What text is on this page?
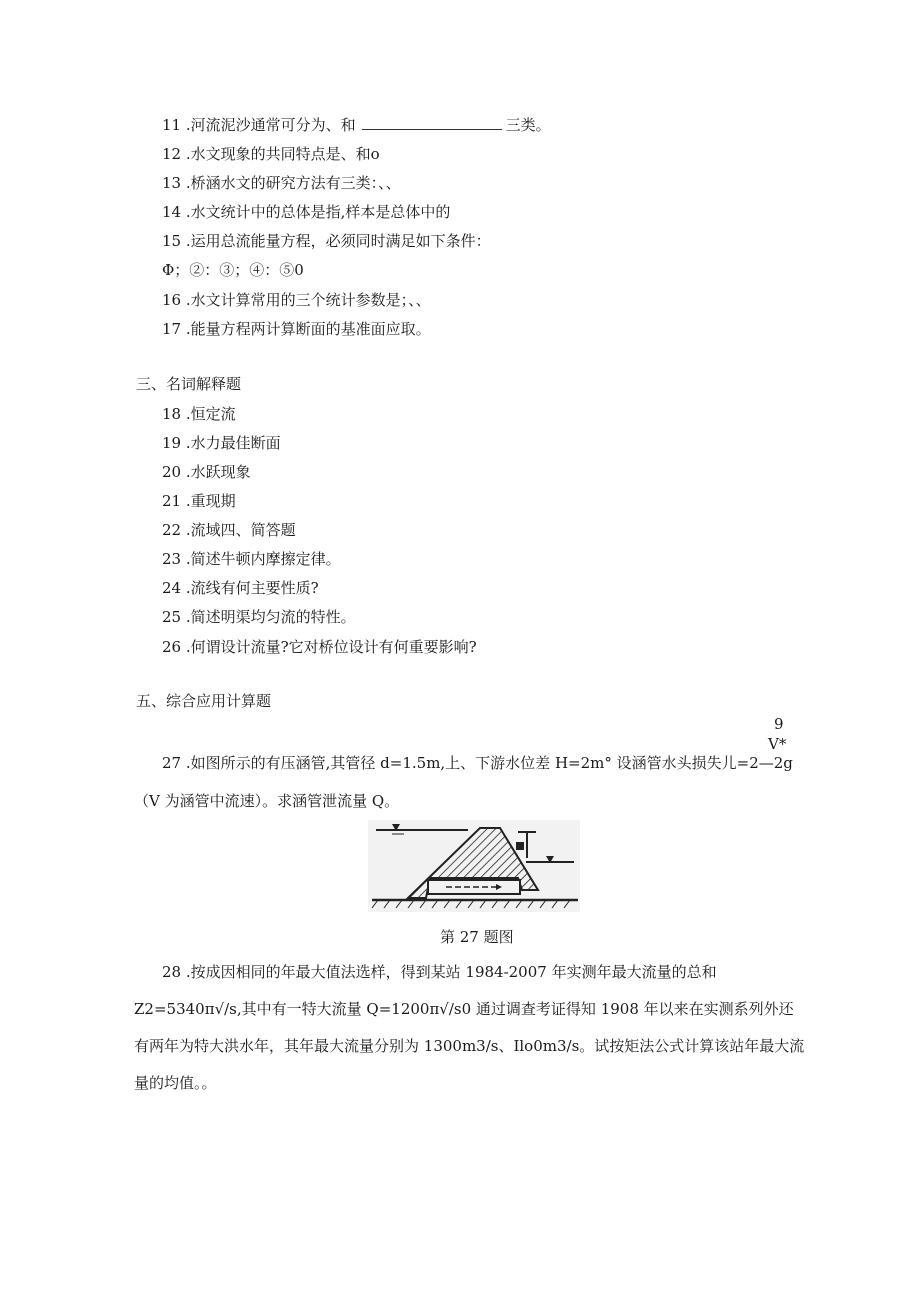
11 .河流泥沙通常可分为、和	三类。
12 .水文现象的共同特点是、和o
13 .桥涵水文的研究方法有三类：、、
14 .水文统计中的总体是指,样本是总体中的
15 .运用总流能量方程，必须同时满足如下条件：
Φ；②：③；④：⑤0
16 .水文计算常用的三个统计参数是；、、
17 .能量方程两计算断面的基准面应取。
三、名词解释题
18 .恒定流
19 .水力最佳断面
20 .水跃现象
21 .重现期
22 .流域四、简答题
23 .简述牛顿内摩擦定律。
24 .流线有何主要性质?
25 .简述明渠均匀流的特性。
26 .何谓设计流量?它对桥位设计有何重要影响?
五、综合应用计算题
9
V*
27 .如图所示的有压涵管,其管径 d=1.5m,上、下游水位差 H=2m° 设涵管水头损失儿=2—2g
（V 为涵管中流速）。求涵管泄流量 Q。
第 27 题图
28 .按成因相同的年最大值法选样，得到某站 1984-2007 年实测年最大流量的总和
Z2=5340π√/s,其中有一特大流量 Q=1200π√/s0 通过调查考证得知 1908 年以来在实测系列外还
有两年为特大洪水年，其年最大流量分别为 1300m3/s、Ilo0m3/s。试按矩法公式计算该站年最大流
量的均值。。
